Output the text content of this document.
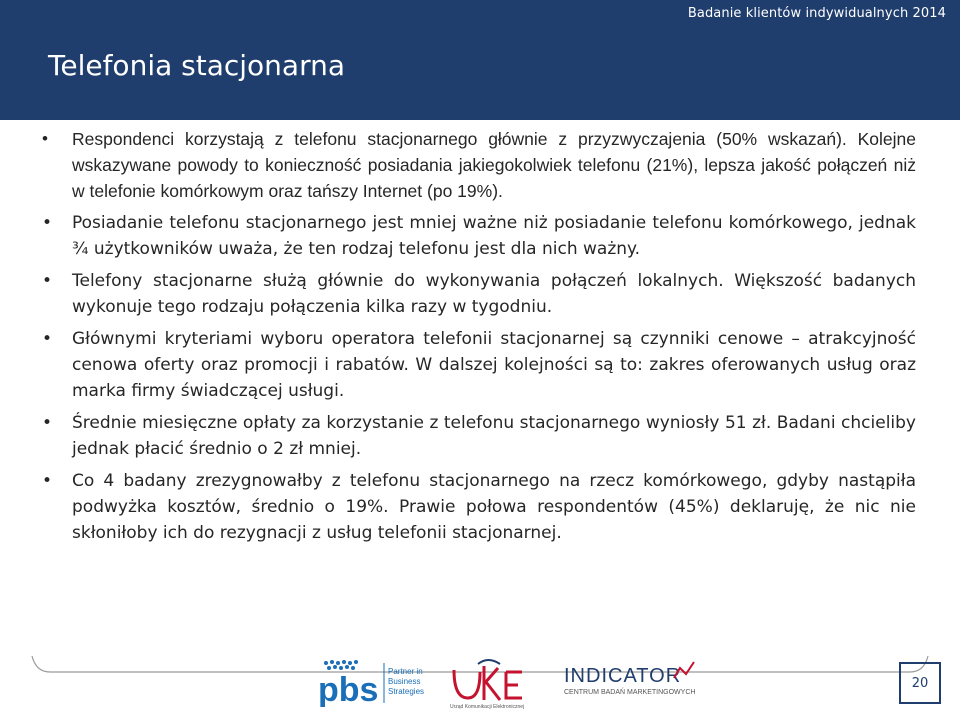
Badanie klientów indywidualnych 2014
Telefonia stacjonarna
• Respondenci korzystają z telefonu stacjonarnego głównie z przyzwyczajenia (50% wskazań). Kolejne wskazywane powody to konieczność posiadania jakiegokolwiek telefonu (21%), lepsza jakość połączeń niż w telefonie komórkowym oraz tańszy Internet (po 19%).
• Posiadanie telefonu stacjonarnego jest mniej ważne niż posiadanie telefonu komórkowego, jednak ¾ użytkowników uważa, że ten rodzaj telefonu jest dla nich ważny.
• Telefony stacjonarne służą głównie do wykonywania połączeń lokalnych. Większość badanych wykonuje tego rodzaju połączenia kilka razy w tygodniu.
• Głównymi kryteriami wyboru operatora telefonii stacjonarnej są czynniki cenowe – atrakcyjność cenowa oferty oraz promocji i rabatów. W dalszej kolejności są to: zakres oferowanych usług oraz marka firmy świadczącej usługi.
• Średnie miesięczne opłaty za korzystanie z telefonu stacjonarnego wyniosły 51 zł. Badani chcieliby jednak płacić średnio o 2 zł mniej.
• Co 4 badany zrezygnowałby z telefonu stacjonarnego na rzecz komórkowego, gdyby nastąpiła podwyżka kosztów, średnio o 19%. Prawie połowa respondentów (45%) deklaruję, że nic nie skłoniłoby ich do rezygnacji z usług telefonii stacjonarnej.
pbs Partner in
Business
Strategies
Urząd Komunikacji Elektronicznej
INDICATOR
CENTRUM BADAŃ MARKETINGOWYCH
20
